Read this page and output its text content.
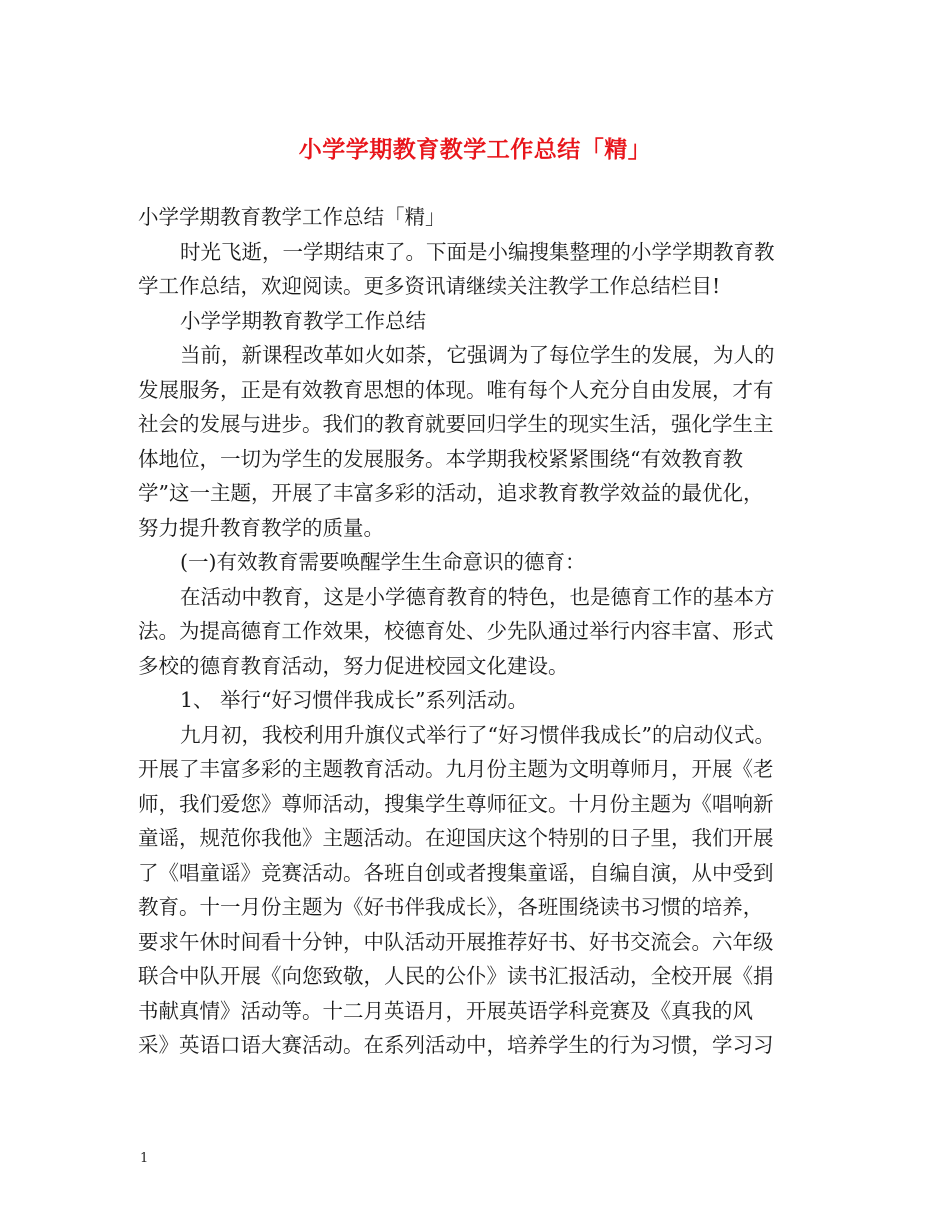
小学学期教育教学工作总结「精」
小学学期教育教学工作总结「精」
时光飞逝，一学期结束了。下面是小编搜集整理的小学学期教育教
学工作总结，欢迎阅读。更多资讯请继续关注教学工作总结栏目!
小学学期教育教学工作总结
当前，新课程改革如火如荼，它强调为了每位学生的发展，为人的
发展服务，正是有效教育思想的体现。唯有每个人充分自由发展，才有
社会的发展与进步。我们的教育就要回归学生的现实生活，强化学生主
体地位，一切为学生的发展服务。本学期我校紧紧围绕“有效教育教
学”这一主题，开展了丰富多彩的活动，追求教育教学效益的最优化，
努力提升教育教学的质量。
(一)有效教育需要唤醒学生生命意识的德育：
在活动中教育，这是小学德育教育的特色，也是德育工作的基本方
法。为提高德育工作效果，校德育处、少先队通过举行内容丰富、形式
多校的德育教育活动，努力促进校园文化建设。
1、 举行“好习惯伴我成长”系列活动。
九月初，我校利用升旗仪式举行了“好习惯伴我成长”的启动仪式。
开展了丰富多彩的主题教育活动。九月份主题为文明尊师月，开展《老
师，我们爱您》尊师活动，搜集学生尊师征文。十月份主题为《唱响新
童谣，规范你我他》主题活动。在迎国庆这个特别的日子里，我们开展
了《唱童谣》竞赛活动。各班自创或者搜集童谣，自编自演，从中受到
教育。十一月份主题为《好书伴我成长》，各班围绕读书习惯的培养，
要求午休时间看十分钟，中队活动开展推荐好书、好书交流会。六年级
联合中队开展《向您致敬，人民的公仆》读书汇报活动，全校开展《捐
书献真情》活动等。十二月英语月，开展英语学科竞赛及《真我的风
采》英语口语大赛活动。在系列活动中，培养学生的行为习惯，学习习
1
